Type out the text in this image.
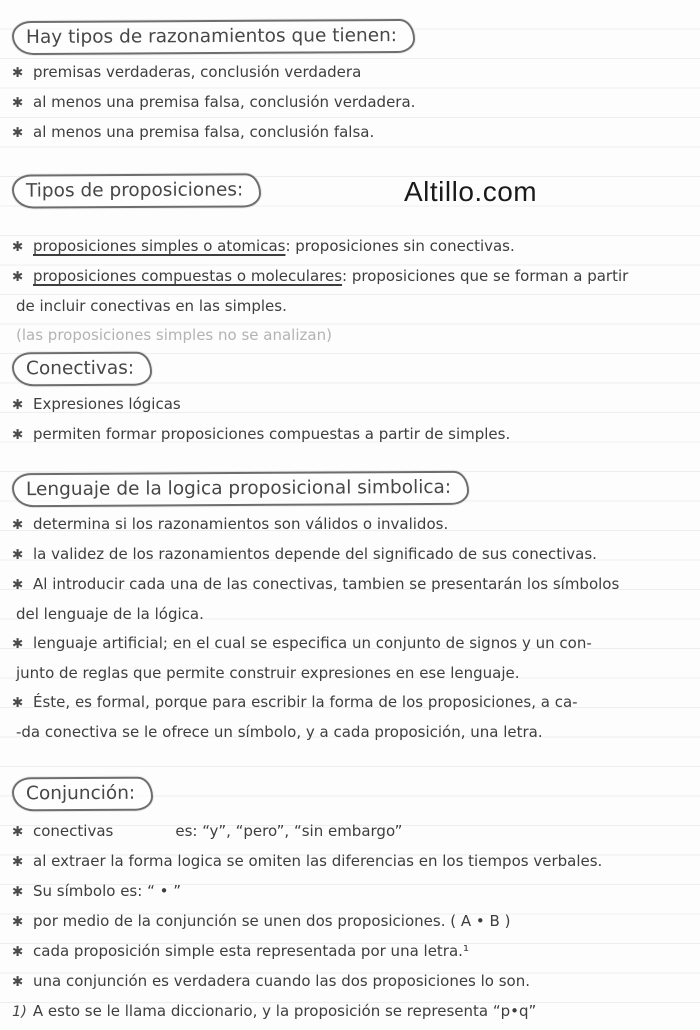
Altillo.com
Hay tipos de razonamientos que tienen:
✱ premisas verdaderas, conclusión verdadera
✱ al menos una premisa falsa, conclusión verdadera.
✱ al menos una premisa falsa, conclusión falsa.
Tipos de proposiciones:
✱ proposiciones simples o atomicas: proposiciones sin conectivas.
✱ proposiciones compuestas o moleculares: proposiciones que se forman a partir
de incluir conectivas en las simples.
(las proposiciones simples no se analizan)
Conectivas:
✱ Expresiones lógicas
✱ permiten formar proposiciones compuestas a partir de simples.
Lenguaje de la logica proposicional simbolica:
✱ determina si los razonamientos son válidos o invalidos.
✱ la validez de los razonamientos depende del significado de sus conectivas.
✱ Al introducir cada una de las conectivas, tambien se presentarán los símbolos
del lenguaje de la lógica.
✱ lenguaje artificial; en el cual se especifica un conjunto de signos y un con-
junto de reglas que permite construir expresiones en ese lenguaje.
✱ Éste, es formal, porque para escribir la forma de los proposiciones, a ca-
-da conectiva se le ofrece un símbolo, y a cada proposición, una letra.
Conjunción:
✱ conectivas	es: “y”, “pero”, “sin embargo”
✱ al extraer la forma logica se omiten las diferencias en los tiempos verbales.
✱ Su símbolo es: “ • ”
✱ por medio de la conjunción se unen dos proposiciones. ( A • B )
✱ cada proposición simple esta representada por una letra.¹
✱ una conjunción es verdadera cuando las dos proposiciones lo son.
1) A esto se le llama diccionario, y la proposición se representa “p•q”
